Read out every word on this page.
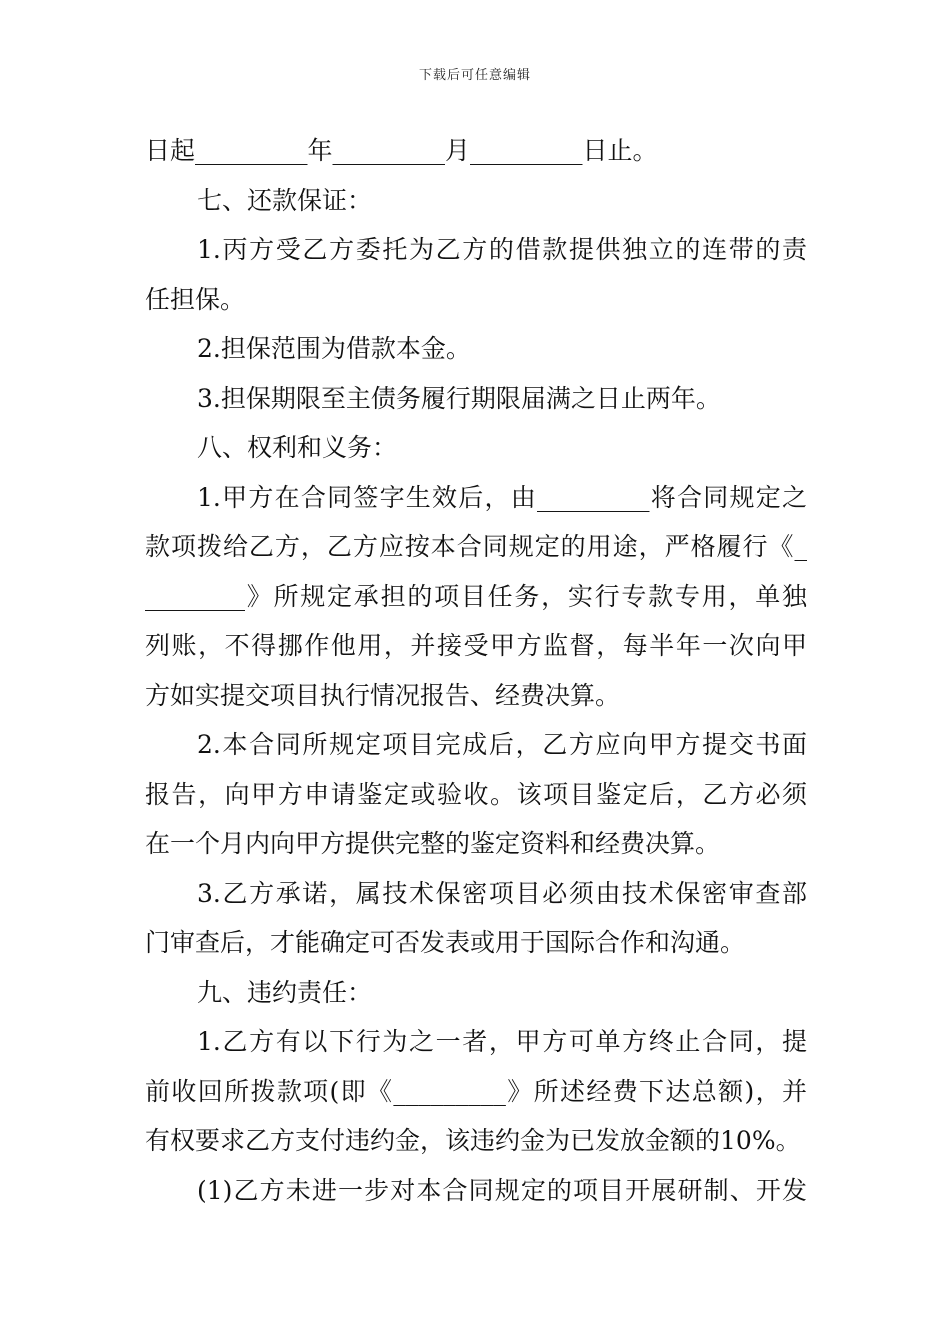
下载后可任意编辑
日起_________年_________月_________日止。
七、还款保证：
1.丙方受乙方委托为乙方的借款提供独立的连带的责
任担保。
2.担保范围为借款本金。
3.担保期限至主债务履行期限届满之日止两年。
八、权利和义务：
1.甲方在合同签字生效后，由_________将合同规定之
款项拨给乙方，乙方应按本合同规定的用途，严格履行《_
________》所规定承担的项目任务，实行专款专用，单独
列账，不得挪作他用，并接受甲方监督，每半年一次向甲
方如实提交项目执行情况报告、经费决算。
2.本合同所规定项目完成后，乙方应向甲方提交书面
报告，向甲方申请鉴定或验收。该项目鉴定后，乙方必须
在一个月内向甲方提供完整的鉴定资料和经费决算。
3.乙方承诺，属技术保密项目必须由技术保密审查部
门审查后，才能确定可否发表或用于国际合作和沟通。
九、违约责任：
1.乙方有以下行为之一者，甲方可单方终止合同，提
前收回所拨款项(即《_________》所述经费下达总额)，并
有权要求乙方支付违约金，该违约金为已发放金额的10%。
(1)乙方未进一步对本合同规定的项目开展研制、开发
